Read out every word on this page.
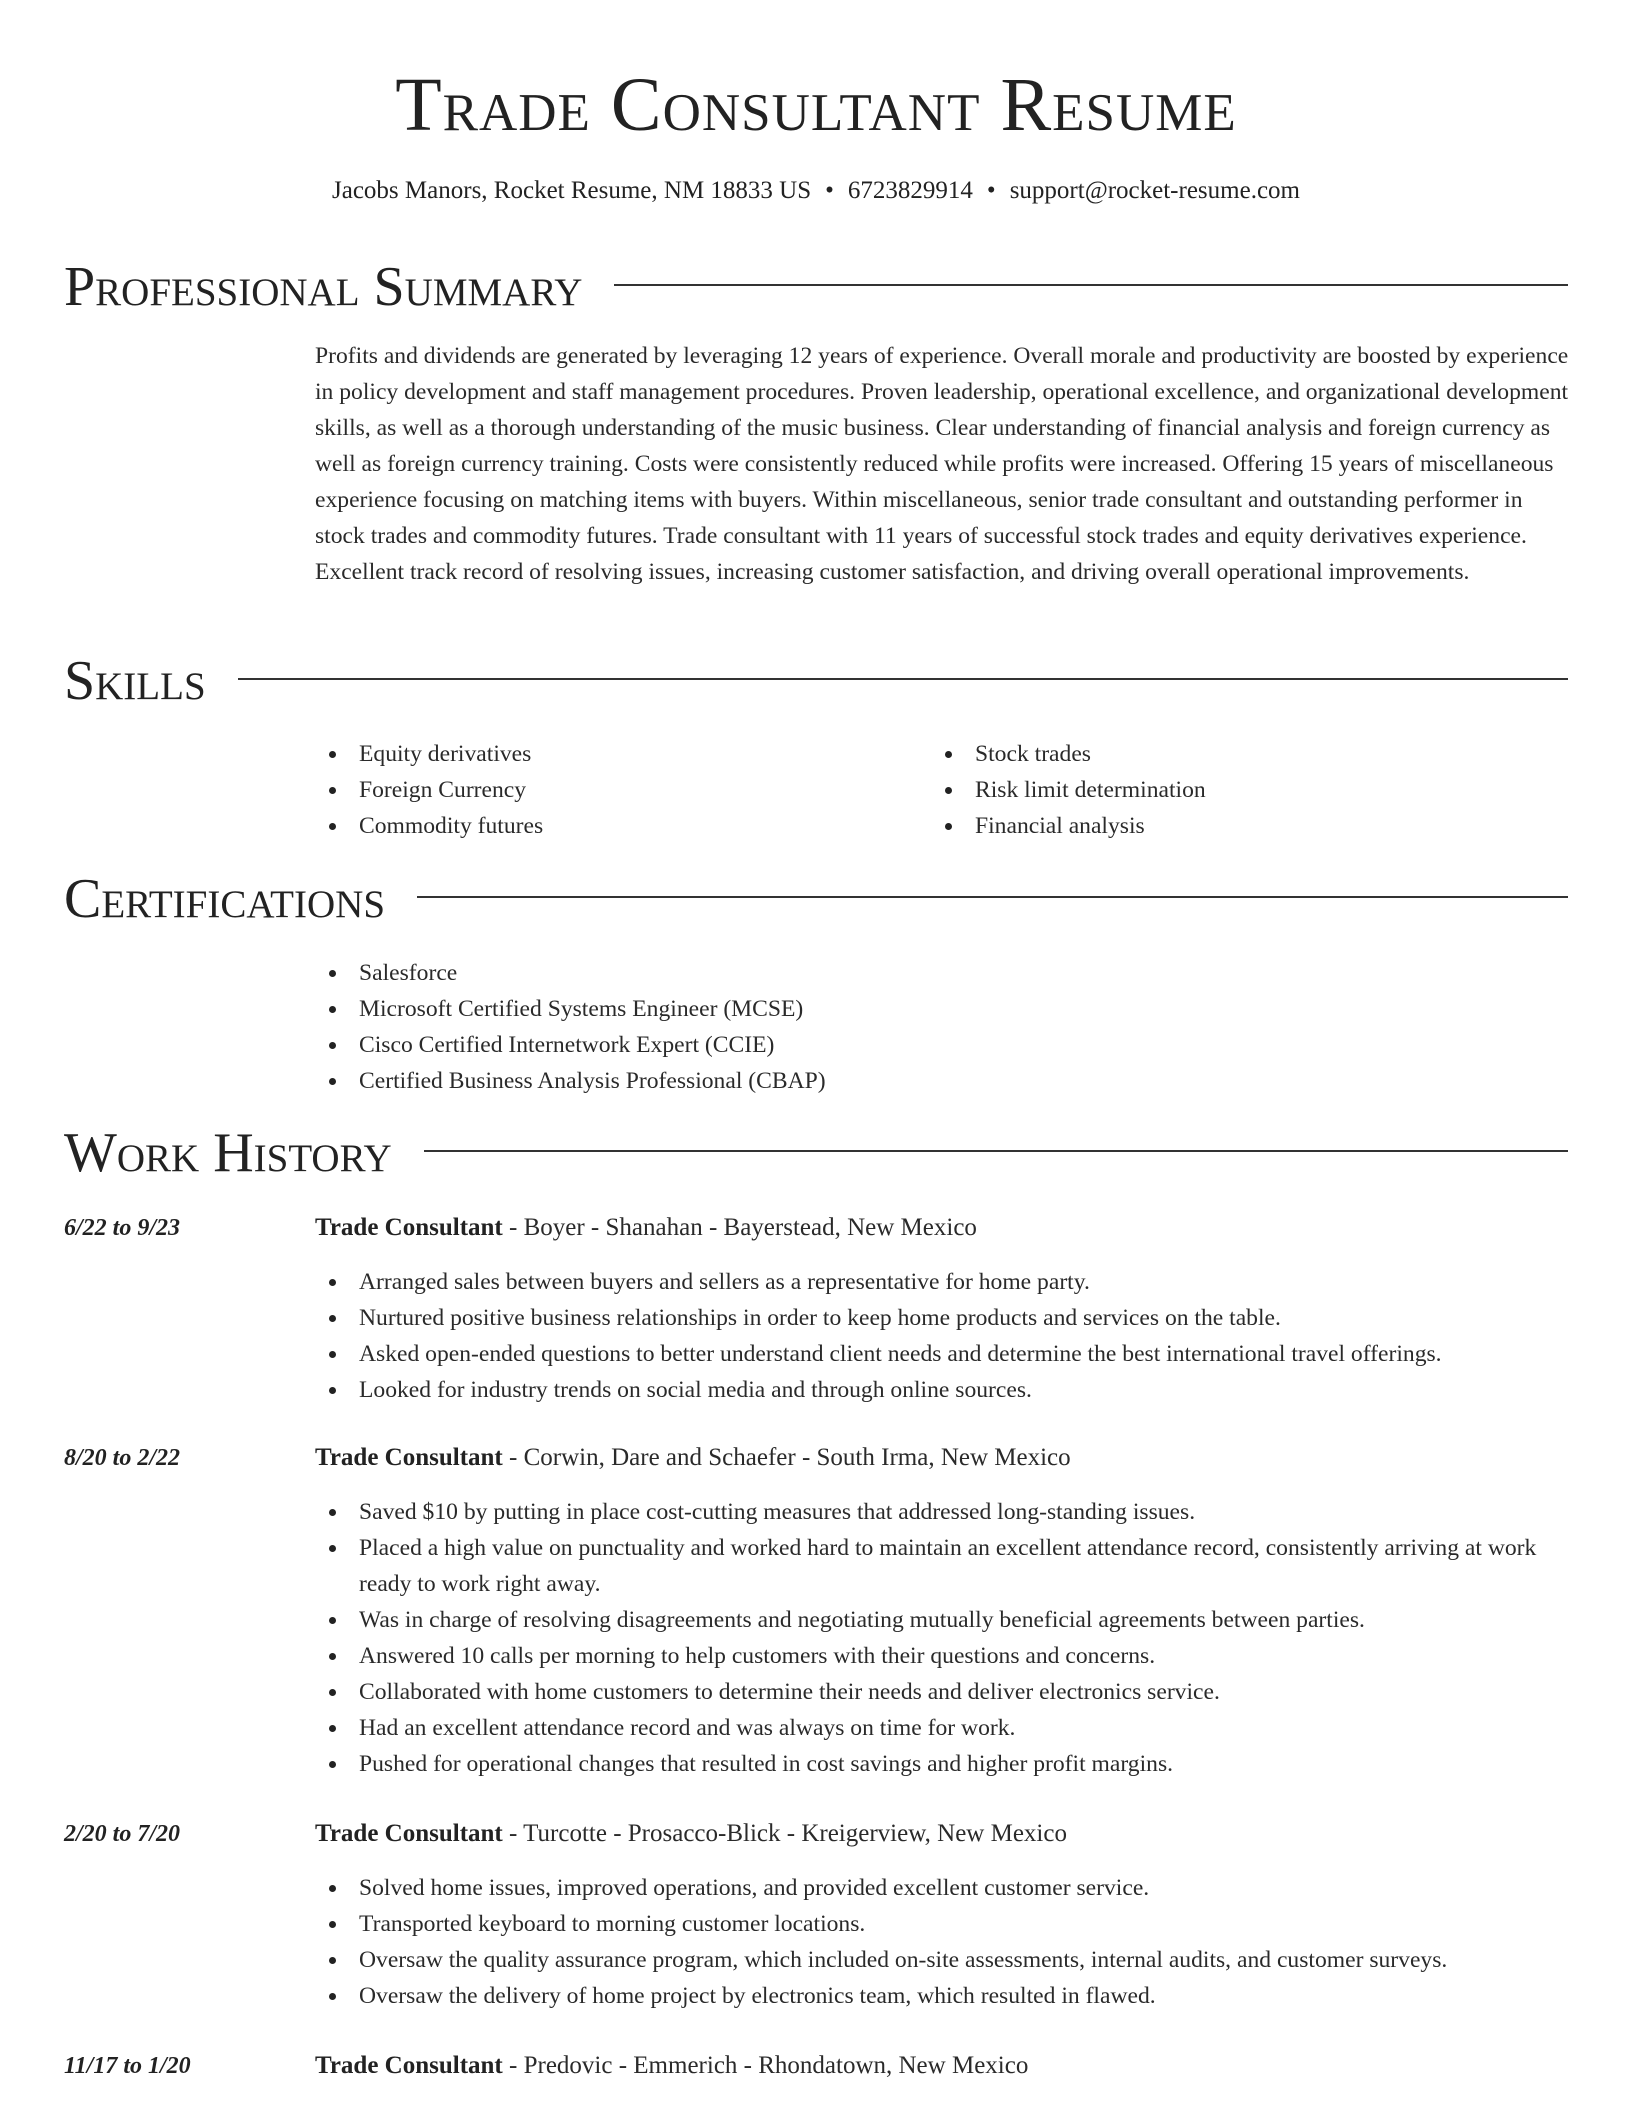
Trade Consultant Resume
Jacobs Manors, Rocket Resume, NM 18833 US • 6723829914 • support@rocket-resume.com
Professional Summary
Profits and dividends are generated by leveraging 12 years of experience. Overall morale and productivity are boosted by experience in policy development and staff management procedures. Proven leadership, operational excellence, and organizational development skills, as well as a thorough understanding of the music business. Clear understanding of financial analysis and foreign currency as well as foreign currency training. Costs were consistently reduced while profits were increased. Offering 15 years of miscellaneous experience focusing on matching items with buyers. Within miscellaneous, senior trade consultant and outstanding performer in stock trades and commodity futures. Trade consultant with 11 years of successful stock trades and equity derivatives experience. Excellent track record of resolving issues, increasing customer satisfaction, and driving overall operational improvements.
Skills
Equity derivatives
Foreign Currency
Commodity futures
Stock trades
Risk limit determination
Financial analysis
Certifications
Salesforce
Microsoft Certified Systems Engineer (MCSE)
Cisco Certified Internetwork Expert (CCIE)
Certified Business Analysis Professional (CBAP)
Work History
6/22 to 9/23	Trade Consultant - Boyer - Shanahan - Bayerstead, New Mexico
Arranged sales between buyers and sellers as a representative for home party.
Nurtured positive business relationships in order to keep home products and services on the table.
Asked open-ended questions to better understand client needs and determine the best international travel offerings.
Looked for industry trends on social media and through online sources.
8/20 to 2/22	Trade Consultant - Corwin, Dare and Schaefer - South Irma, New Mexico
Saved $10 by putting in place cost-cutting measures that addressed long-standing issues.
Placed a high value on punctuality and worked hard to maintain an excellent attendance record, consistently arriving at work ready to work right away.
Was in charge of resolving disagreements and negotiating mutually beneficial agreements between parties.
Answered 10 calls per morning to help customers with their questions and concerns.
Collaborated with home customers to determine their needs and deliver electronics service.
Had an excellent attendance record and was always on time for work.
Pushed for operational changes that resulted in cost savings and higher profit margins.
2/20 to 7/20	Trade Consultant - Turcotte - Prosacco-Blick - Kreigerview, New Mexico
Solved home issues, improved operations, and provided excellent customer service.
Transported keyboard to morning customer locations.
Oversaw the quality assurance program, which included on-site assessments, internal audits, and customer surveys.
Oversaw the delivery of home project by electronics team, which resulted in flawed.
11/17 to 1/20	Trade Consultant - Predovic - Emmerich - Rhondatown, New Mexico
